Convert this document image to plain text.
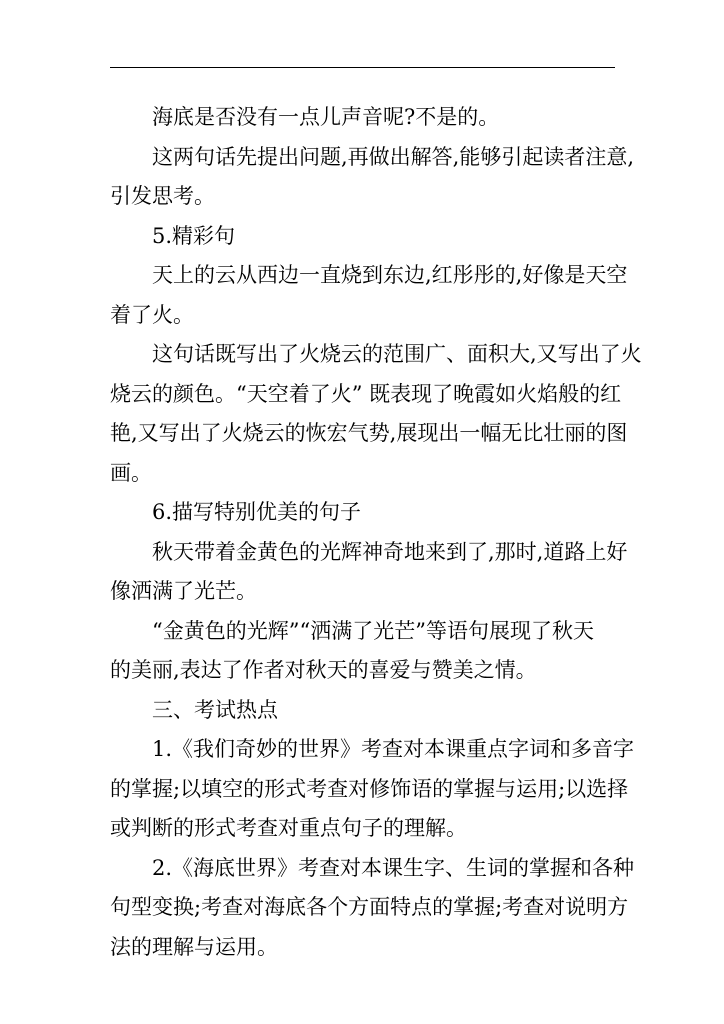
海底是否没有一点儿声音呢?不是的。

这两句话先提出问题,再做出解答,能够引起读者注意,
引发思考。

5.精彩句

天上的云从西边一直烧到东边,红彤彤的,好像是天空
着了火。

这句话既写出了火烧云的范围广、面积大,又写出了火
烧云的颜色。“天空着了火” 既表现了晚霞如火焰般的红
艳,又写出了火烧云的恢宏气势,展现出一幅无比壮丽的图
画。

6.描写特别优美的句子

秋天带着金黄色的光辉神奇地来到了,那时,道路上好
像洒满了光芒。

“金黄色的光辉”“洒满了光芒”等语句展现了秋天
的美丽,表达了作者对秋天的喜爱与赞美之情。

三、考试热点

1.《我们奇妙的世界》考查对本课重点字词和多音字
的掌握;以填空的形式考查对修饰语的掌握与运用;以选择
或判断的形式考查对重点句子的理解。

2.《海底世界》考查对本课生字、生词的掌握和各种
句型变换;考查对海底各个方面特点的掌握;考查对说明方
法的理解与运用。
